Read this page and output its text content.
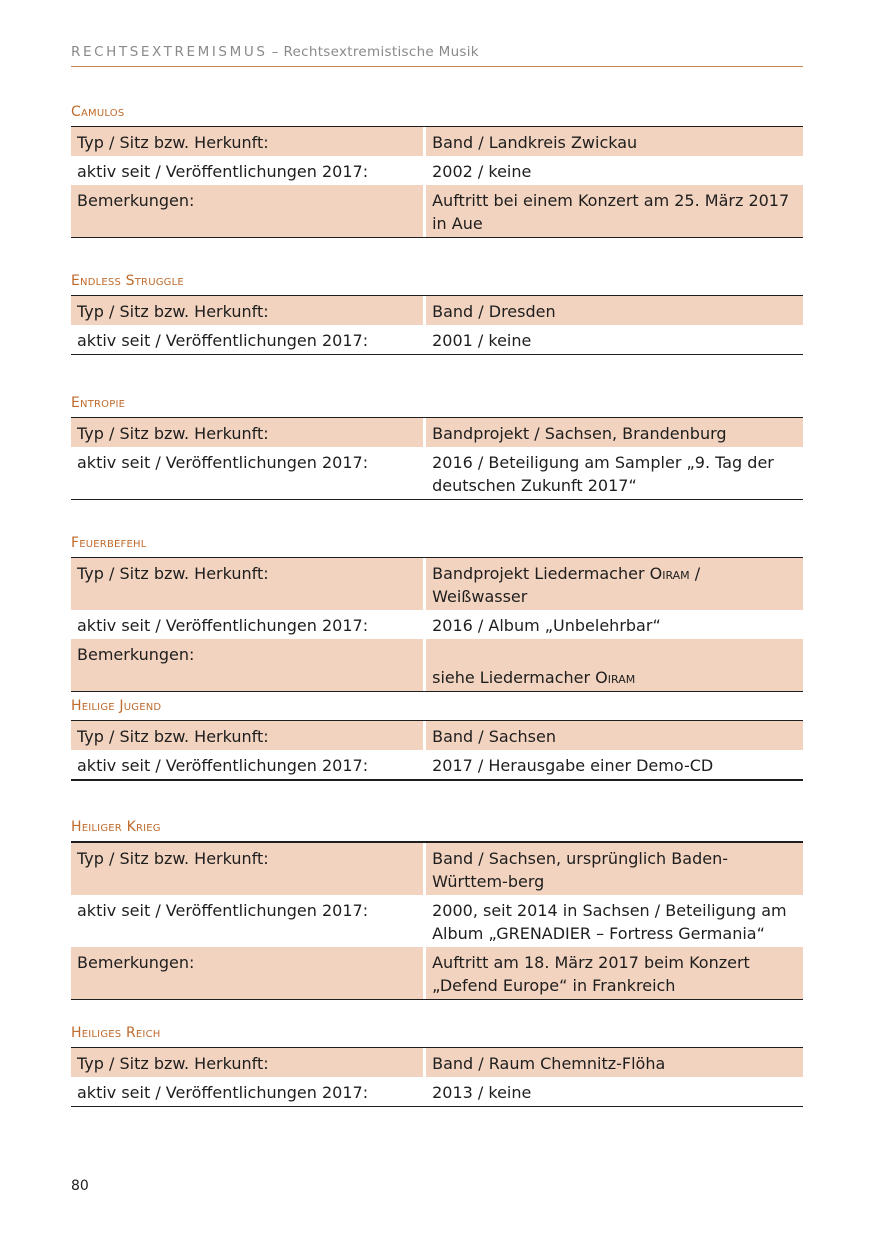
RECHTSEXTREMISMUS – Rechtsextremistische Musik
Camulos
Typ / Sitz bzw. Herkunft:	Band / Landkreis Zwickau
aktiv seit / Veröffentlichungen 2017:	2002 / keine
Bemerkungen:	Auftritt bei einem Konzert am 25. März 2017 in Aue
Endless Struggle
Typ / Sitz bzw. Herkunft:	Band / Dresden
aktiv seit / Veröffentlichungen 2017:	2001 / keine
Entropie
Typ / Sitz bzw. Herkunft:	Bandprojekt / Sachsen, Brandenburg
aktiv seit / Veröffentlichungen 2017:	2016 / Beteiligung am Sampler „9. Tag der deutschen Zukunft 2017“
Feuerbefehl
Typ / Sitz bzw. Herkunft:	Bandprojekt Liedermacher Oiram / Weißwasser
aktiv seit / Veröffentlichungen 2017:	2016 / Album „Unbelehrbar“
Bemerkungen:
siehe Liedermacher Oiram
Heilige Jugend
Typ / Sitz bzw. Herkunft:	Band / Sachsen
aktiv seit / Veröffentlichungen 2017:	2017 / Herausgabe einer Demo-CD
Heiliger Krieg
Typ / Sitz bzw. Herkunft:	Band / Sachsen, ursprünglich Baden-Württem-berg
aktiv seit / Veröffentlichungen 2017:	2000, seit 2014 in Sachsen / Beteiligung am Album „GRENADIER – Fortress Germania“
Bemerkungen:	Auftritt am 18. März 2017 beim Konzert „Defend Europe“ in Frankreich
Heiliges Reich
Typ / Sitz bzw. Herkunft:	Band / Raum Chemnitz-Flöha
aktiv seit / Veröffentlichungen 2017:	2013 / keine
80
